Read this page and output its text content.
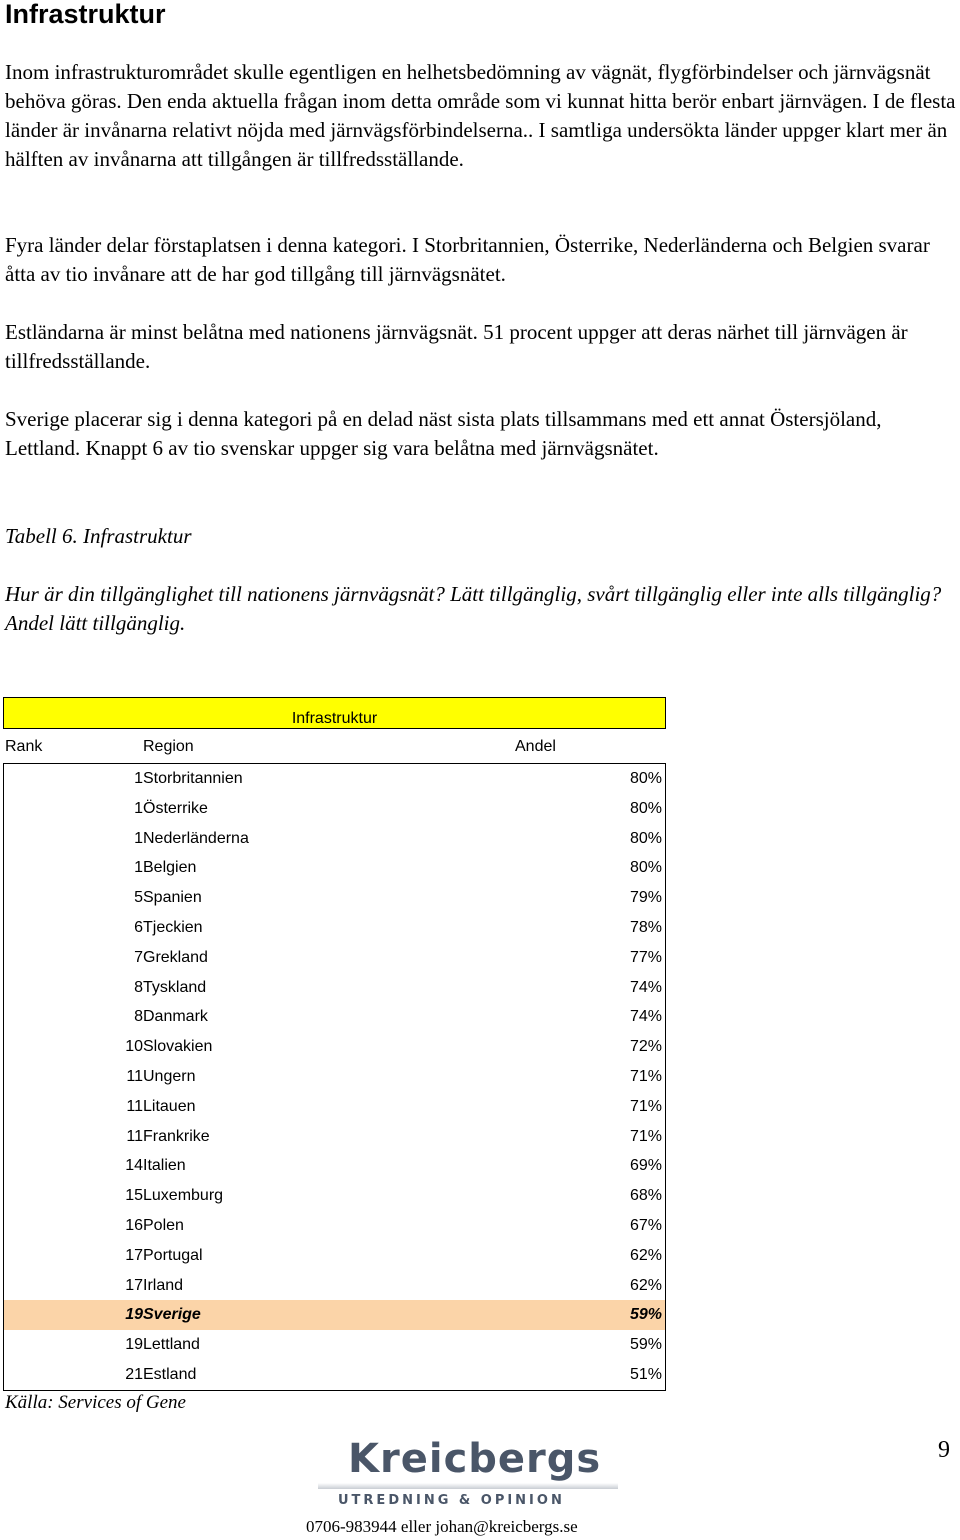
Infrastruktur

Inom infrastrukturområdet skulle egentligen en helhetsbedömning av vägnät, flygförbindelser och järnvägsnät behöva göras. Den enda aktuella frågan inom detta område som vi kunnat hitta berör enbart järnvägen. I de flesta länder är invånarna relativt nöjda med järnvägsförbindelserna.. I samtliga undersökta länder uppger klart mer än hälften av invånarna att tillgången är tillfredsställande.

Fyra länder delar förstaplatsen i denna kategori. I Storbritannien, Österrike, Nederländerna och Belgien svarar åtta av tio invånare att de har god tillgång till järnvägsnätet.

Estländarna är minst belåtna med nationens järnvägsnät. 51 procent uppger att deras närhet till järnvägen är tillfredsställande.

Sverige placerar sig i denna kategori på en delad näst sista plats tillsammans med ett annat Östersjöland, Lettland. Knappt 6 av tio svenskar uppger sig vara belåtna med järnvägsnätet.

Tabell 6. Infrastruktur

Hur är din tillgänglighet till nationens järnvägsnät? Lätt tillgänglig, svårt tillgänglig eller inte alls tillgänglig? Andel lätt tillgänglig.

Infrastruktur
Rank	Region	Andel
1 Storbritannien	80%
1 Österrike	80%
1 Nederländerna	80%
1 Belgien	80%
5 Spanien	79%
6 Tjeckien	78%
7 Grekland	77%
8 Tyskland	74%
8 Danmark	74%
10 Slovakien	72%
11 Ungern	71%
11 Litauen	71%
11 Frankrike	71%
14 Italien	69%
15 Luxemburg	68%
16 Polen	67%
17 Portugal	62%
17 Irland	62%
19 Sverige	59%
19 Lettland	59%
21 Estland	51%
Källa: Services of Gene
Kreicbergs
UTREDNING & OPINION
0706-983944 eller johan@kreicbergs.se
9
